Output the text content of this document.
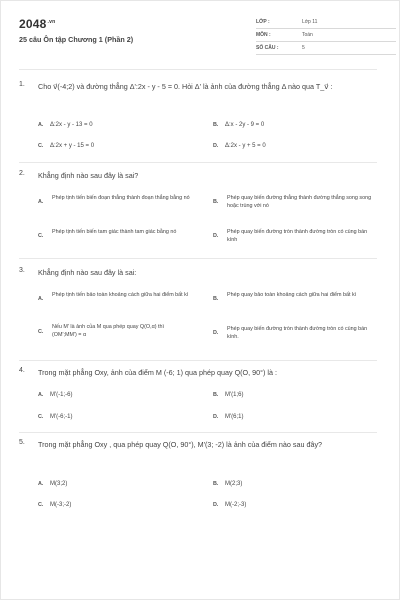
$2048^{.vn}$
25 câu Ôn tập Chương 1 (Phần 2)
LỚP :	Lớp 11
MÔN :	Toán
SỐ CÂU :	5
1. Cho v⃗(-4;2) và đường thẳng Δ':2x - y - 5 = 0. Hỏi Δ' là ảnh của đường thẳng Δ nào qua T_v⃗ :
A. Δ:2x - y - 13 = 0	B. Δ:x - 2y - 9 = 0
C. Δ:2x + y - 15 = 0	D. Δ:2x - y + 5 = 0
2. Khẳng định nào sau đây là sai?
A.
Phép tịnh tiến biến đoạn thẳng thành đoạn thẳng bằng nó
B.
Phép quay biến đường thẳng thành đường thẳng song song hoặc trùng với nó
C.
Phép tịnh tiến biến tam giác thành tam giác bằng nó
D.
Phép quay biến đường tròn thành đường tròn có cùng bán kính
3. Khẳng định nào sau đây là sai:
A.
Phép tịnh tiến bảo toàn khoảng cách giữa hai điểm bất kì
B.
Phép quay bảo toàn khoảng cách giữa hai điểm bất kì
C.
Nếu M' là ảnh của M qua phép quay Q(O,α) thì (OM';MM') = α	D.
Phép quay biến đường tròn thành đường tròn có cùng bán kính.
4. Trong mặt phẳng Oxy, ảnh của điểm M (-6; 1) qua phép quay Q(O, 90°) là :
A. M'(-1;-6)	B. M'(1;6)
C. M'(-6;-1)	D. M'(6;1)
5. Trong mặt phẳng Oxy , qua phép quay Q(O, 90°), M'(3; -2) là ảnh của điểm nào sau đây?
A. M(3;2)	B. M(2;3)
C. M(-3;-2)	D. M(-2;-3)
